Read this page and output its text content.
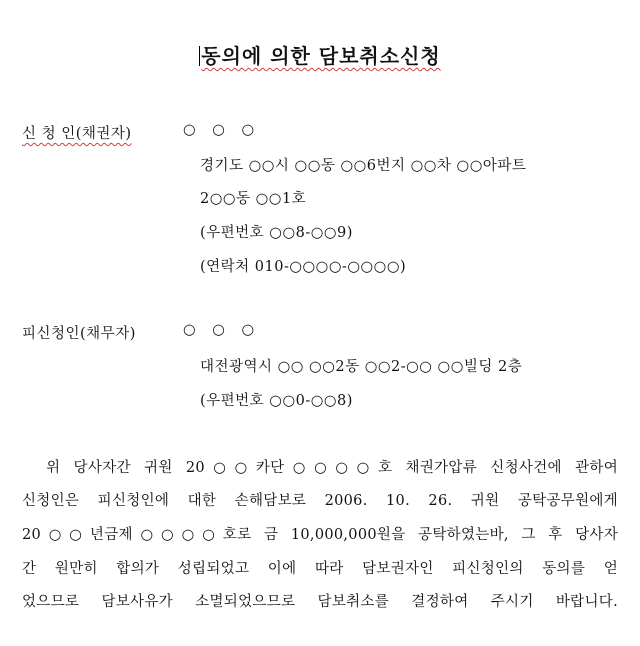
동의에 의한 담보취소신청
신 청 인(채권자)	○ ○ ○
경기도 ○○시 ○○동 ○○6번지 ○○차 ○○아파트
2○○동 ○○1호
(우편번호 ○○8-○○9)
(연락처 010-○○○○-○○○○)
피신청인(채무자)	○ ○ ○
대전광역시 ○○ ○○2동 ○○2-○○ ○○빌딩 2층
(우편번호 ○○0-○○8)
위 당사자간 귀원 20○○카단○○○○호 채권가압류 신청사건에 관하여
신청인은 피신청인에 대한 손해담보로 2006. 10. 26. 귀원 공탁공무원에게
20○○년금제○○○○호로 금 10,000,000원을 공탁하였는바, 그 후 당사자
간 원만히 합의가 성립되었고 이에 따라 담보권자인 피신청인의 동의를 얻
었으므로 담보사유가 소멸되었으므로 담보취소를 결정하여 주시기 바랍니다.
